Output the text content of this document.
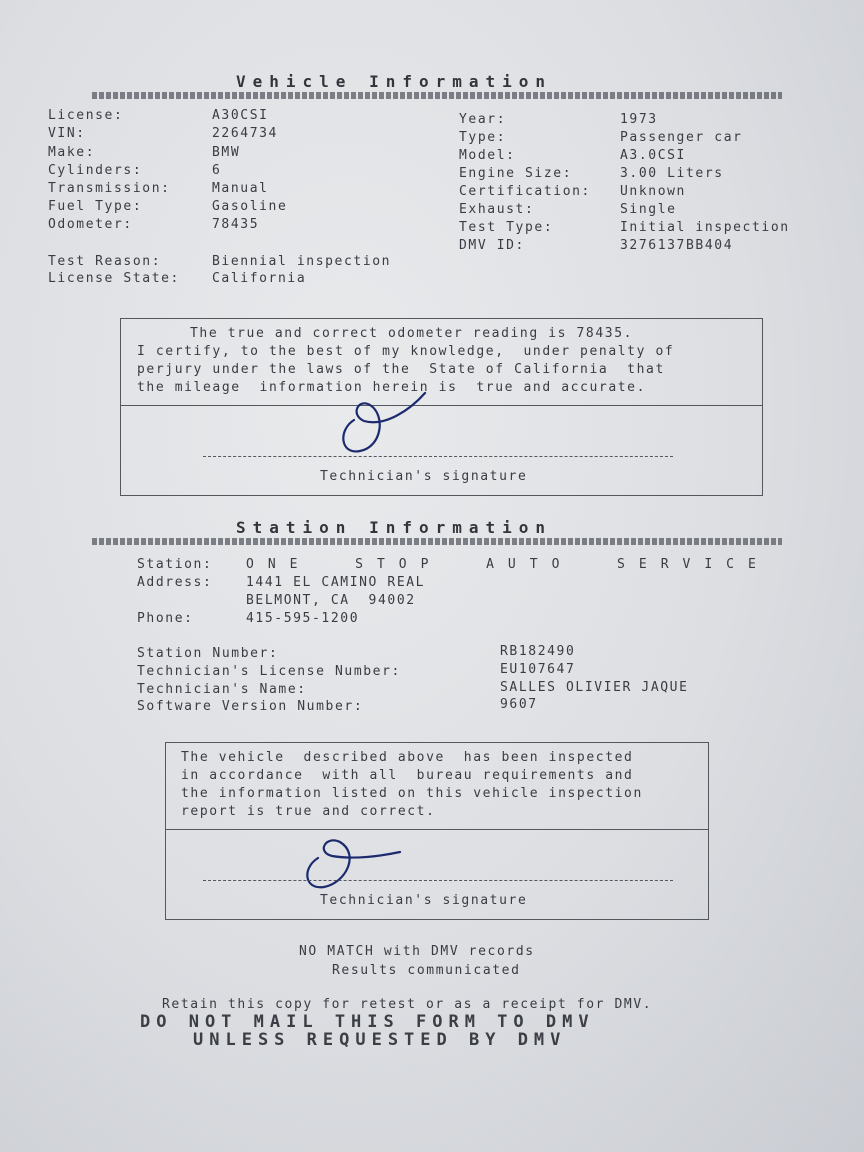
Vehicle Information
License:	A30CSI
VIN:	2264734
Make:	BMW
Cylinders:	6
Transmission:	Manual
Fuel Type:	Gasoline
Odometer:	78435
Year:	1973
Type:	Passenger car
Model:	A3.0CSI
Engine Size:	3.00 Liters
Certification: Unknown
Exhaust:	Single
Test Type:	Initial inspection
DMV ID:	3276137BB404
Test Reason:	Biennial inspection
License State: California
The true and correct odometer reading is 78435.
I certify, to the best of my knowledge,  under penalty of
perjury under the laws of the  State of California  that
the mileage  information herein is  true and accurate.
Technician's signature
Station Information
Station:	ONE  STOP  AUTO  SERVICE
Address:	1441 EL CAMINO REAL
BELMONT, CA  94002
Phone:	415-595-1200
Station Number:	RB182490
Technician's License Number:	EU107647
Technician's Name:	SALLES OLIVIER JAQUE
Software Version Number:	9607
The vehicle  described above  has been inspected
in accordance  with all  bureau requirements and
the information listed on this vehicle inspection
report is true and correct.
Technician's signature
NO MATCH with DMV records
Results communicated
Retain this copy for retest or as a receipt for DMV.
DO NOT MAIL THIS FORM TO DMV
UNLESS REQUESTED BY DMV
